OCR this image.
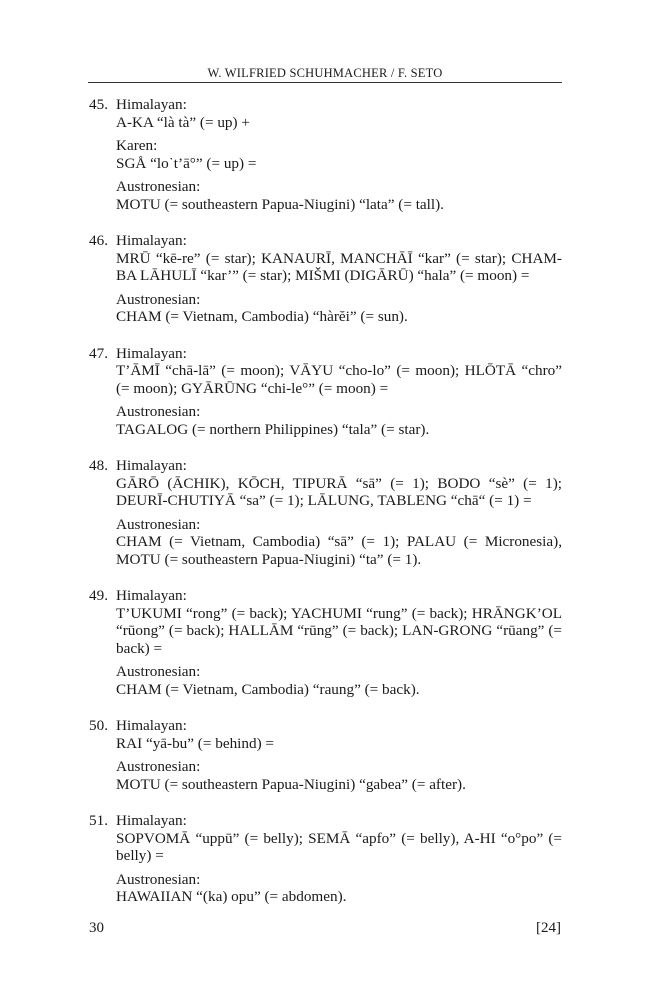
W. WILFRIED SCHUHMACHER / F. SETO
45. Himalayan:
A-KA “là tà” (= up) +
Karen:
SGÅ “lo˙t’ā°” (= up) =
Austronesian:
MOTU (= southeastern Papua-Niugini) “lata” (= tall).
46. Himalayan:
MRŪ “kē-re” (= star); KANAURĪ, MANCHĀĪ “kar” (= star); CHAM-BA LĀHULĪ “kar’” (= star); MIŠMI (DIGĀRŪ) “hala” (= moon) =
Austronesian:
CHAM (= Vietnam, Cambodia) “hàrĕi” (= sun).
47. Himalayan:
T’ĀMĪ “chā-lā” (= moon); VĀYU “cho-lo” (= moon); HLŌTĀ “chro” (= moon); GYĀRŪNG “chi-le°” (= moon) =
Austronesian:
TAGALOG (= northern Philippines) “tala” (= star).
48. Himalayan:
GĀRŌ (ĀCHIK), KŌCH, TIPURĀ “sā” (= 1); BODO “sè” (= 1); DEURĪ-CHUTIYĀ “sa” (= 1); LĀLUNG, TABLENG “chā“ (= 1) =
Austronesian:
CHAM (= Vietnam, Cambodia) “sā” (= 1); PALAU (= Micronesia), MOTU (= southeastern Papua-Niugini) “ta” (= 1).
49. Himalayan:
T’UKUMI “rong” (= back); YACHUMI “rung” (= back); HRĀNGK’OL “rūong” (= back); HALLĀM “rūng” (= back); LAN-GRONG “rūang” (= back) =
Austronesian:
CHAM (= Vietnam, Cambodia) “raung” (= back).
50. Himalayan:
RAI “yā-bu” (= behind) =
Austronesian:
MOTU (= southeastern Papua-Niugini) “gabea” (= after).
51. Himalayan:
SOPVOMĀ “uppū” (= belly); SEMĀ “apfo” (= belly), A-HI “o°po” (= belly) =
Austronesian:
HAWAIIAN “(ka) opu” (= abdomen).
30	[24]
